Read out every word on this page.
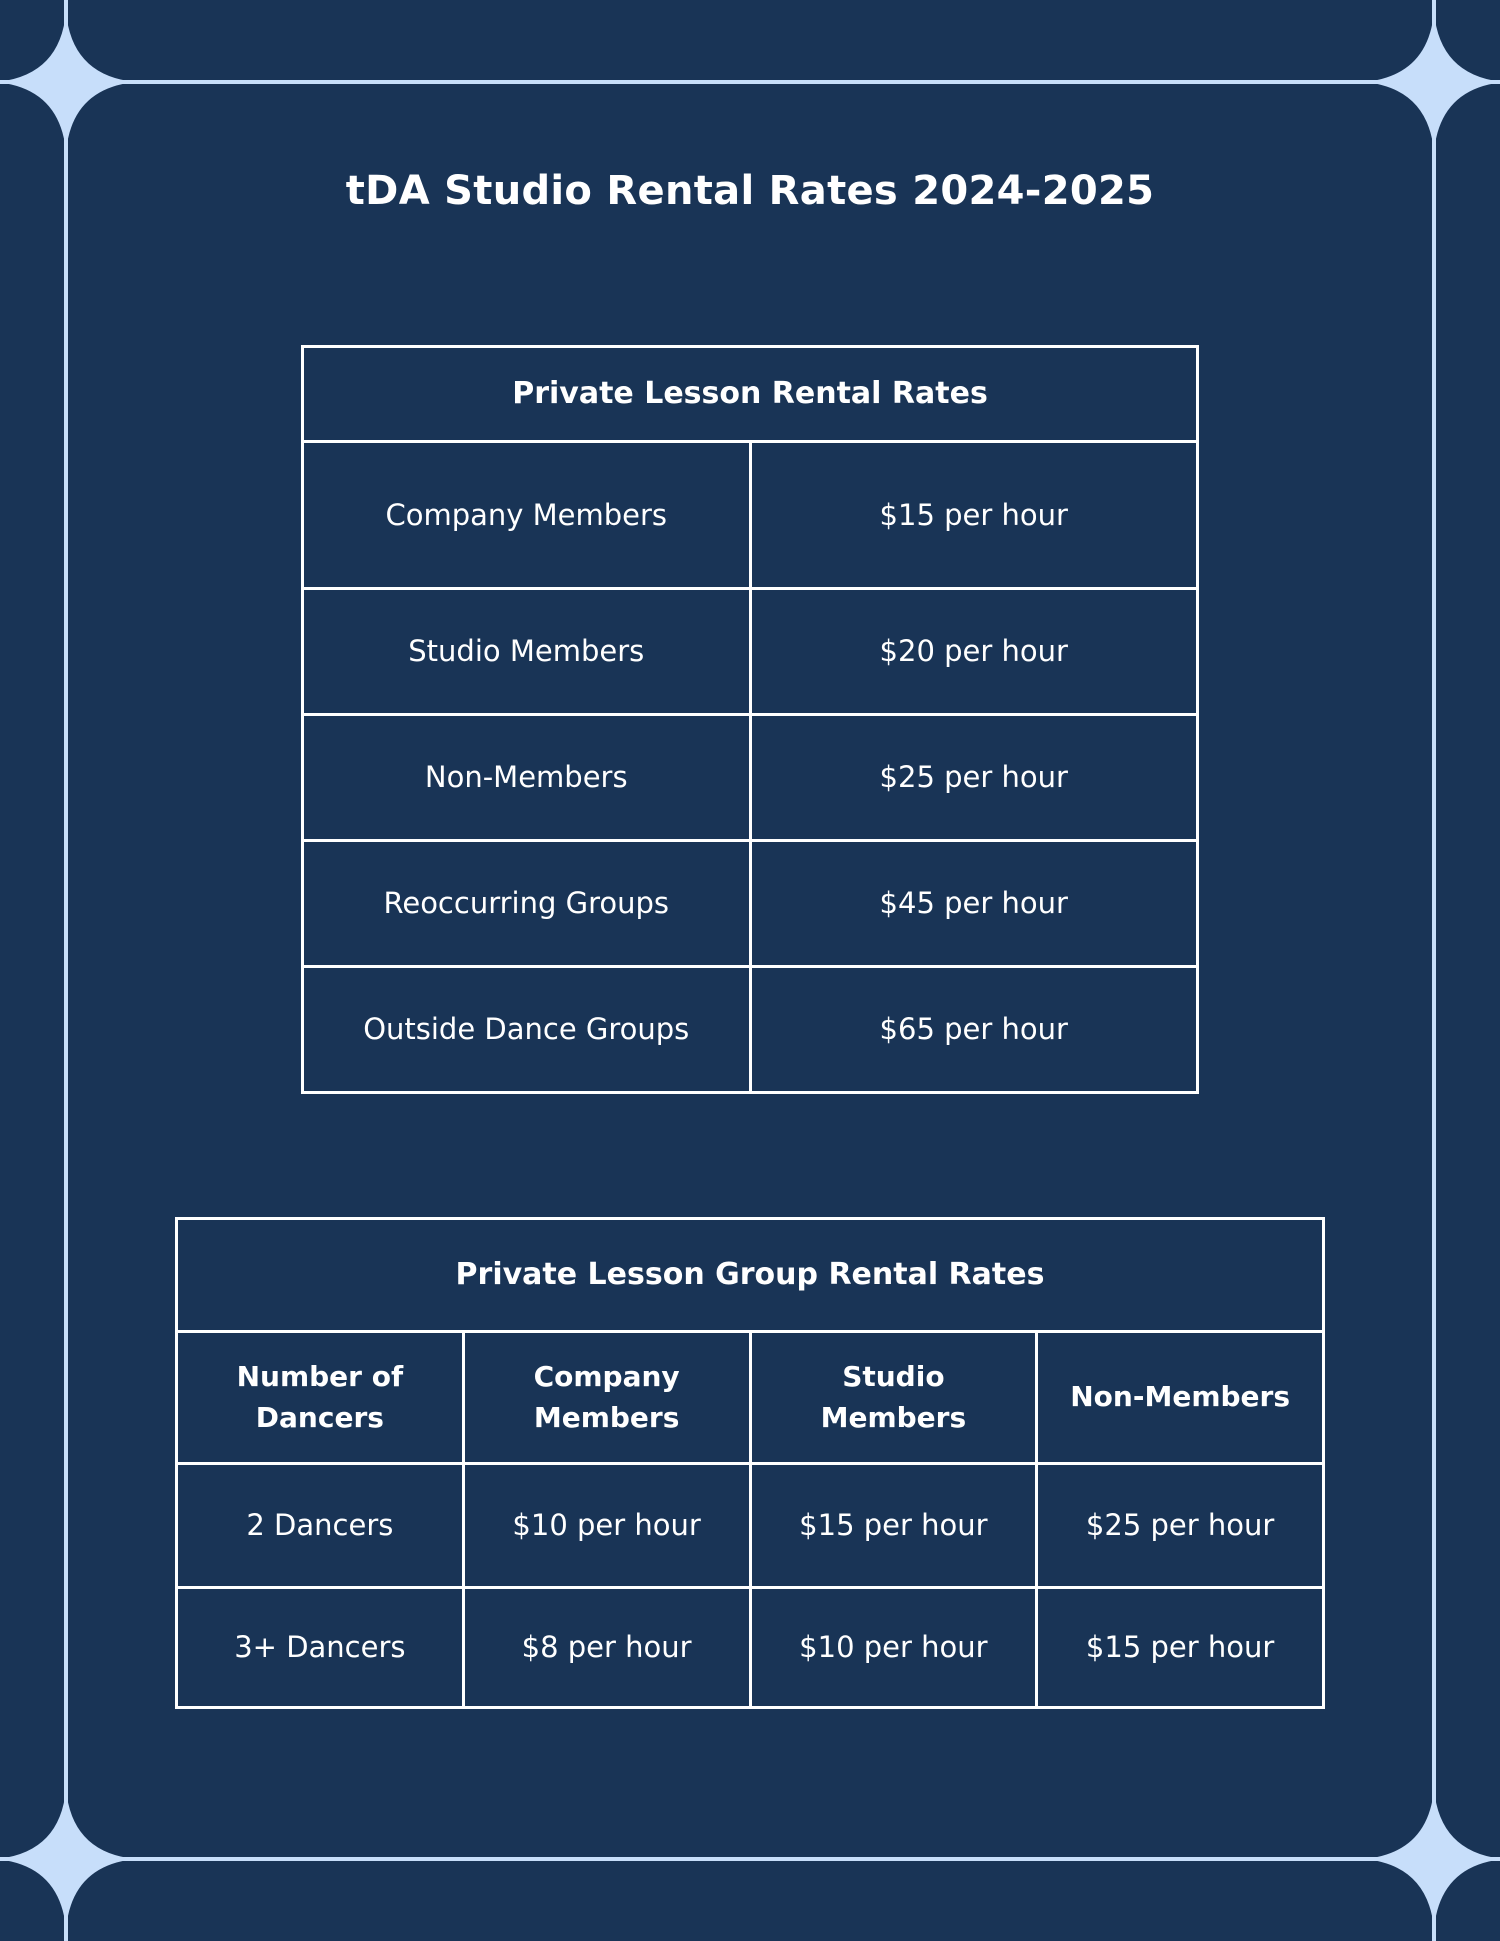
tDA Studio Rental Rates 2024-2025
Private Lesson Rental Rates	
Company Members	$15 per hour
Studio Members	$20 per hour
Non-Members	$25 per hour
Reoccurring Groups	$45 per hour
Outside Dance Groups	$65 per hour
Private Lesson Group Rental Rates			
Number of Dancers	Company Members	Studio Members	Non-Members
2 Dancers	$10 per hour	$15 per hour	$25 per hour
3+ Dancers	$8 per hour	$10 per hour	$15 per hour
